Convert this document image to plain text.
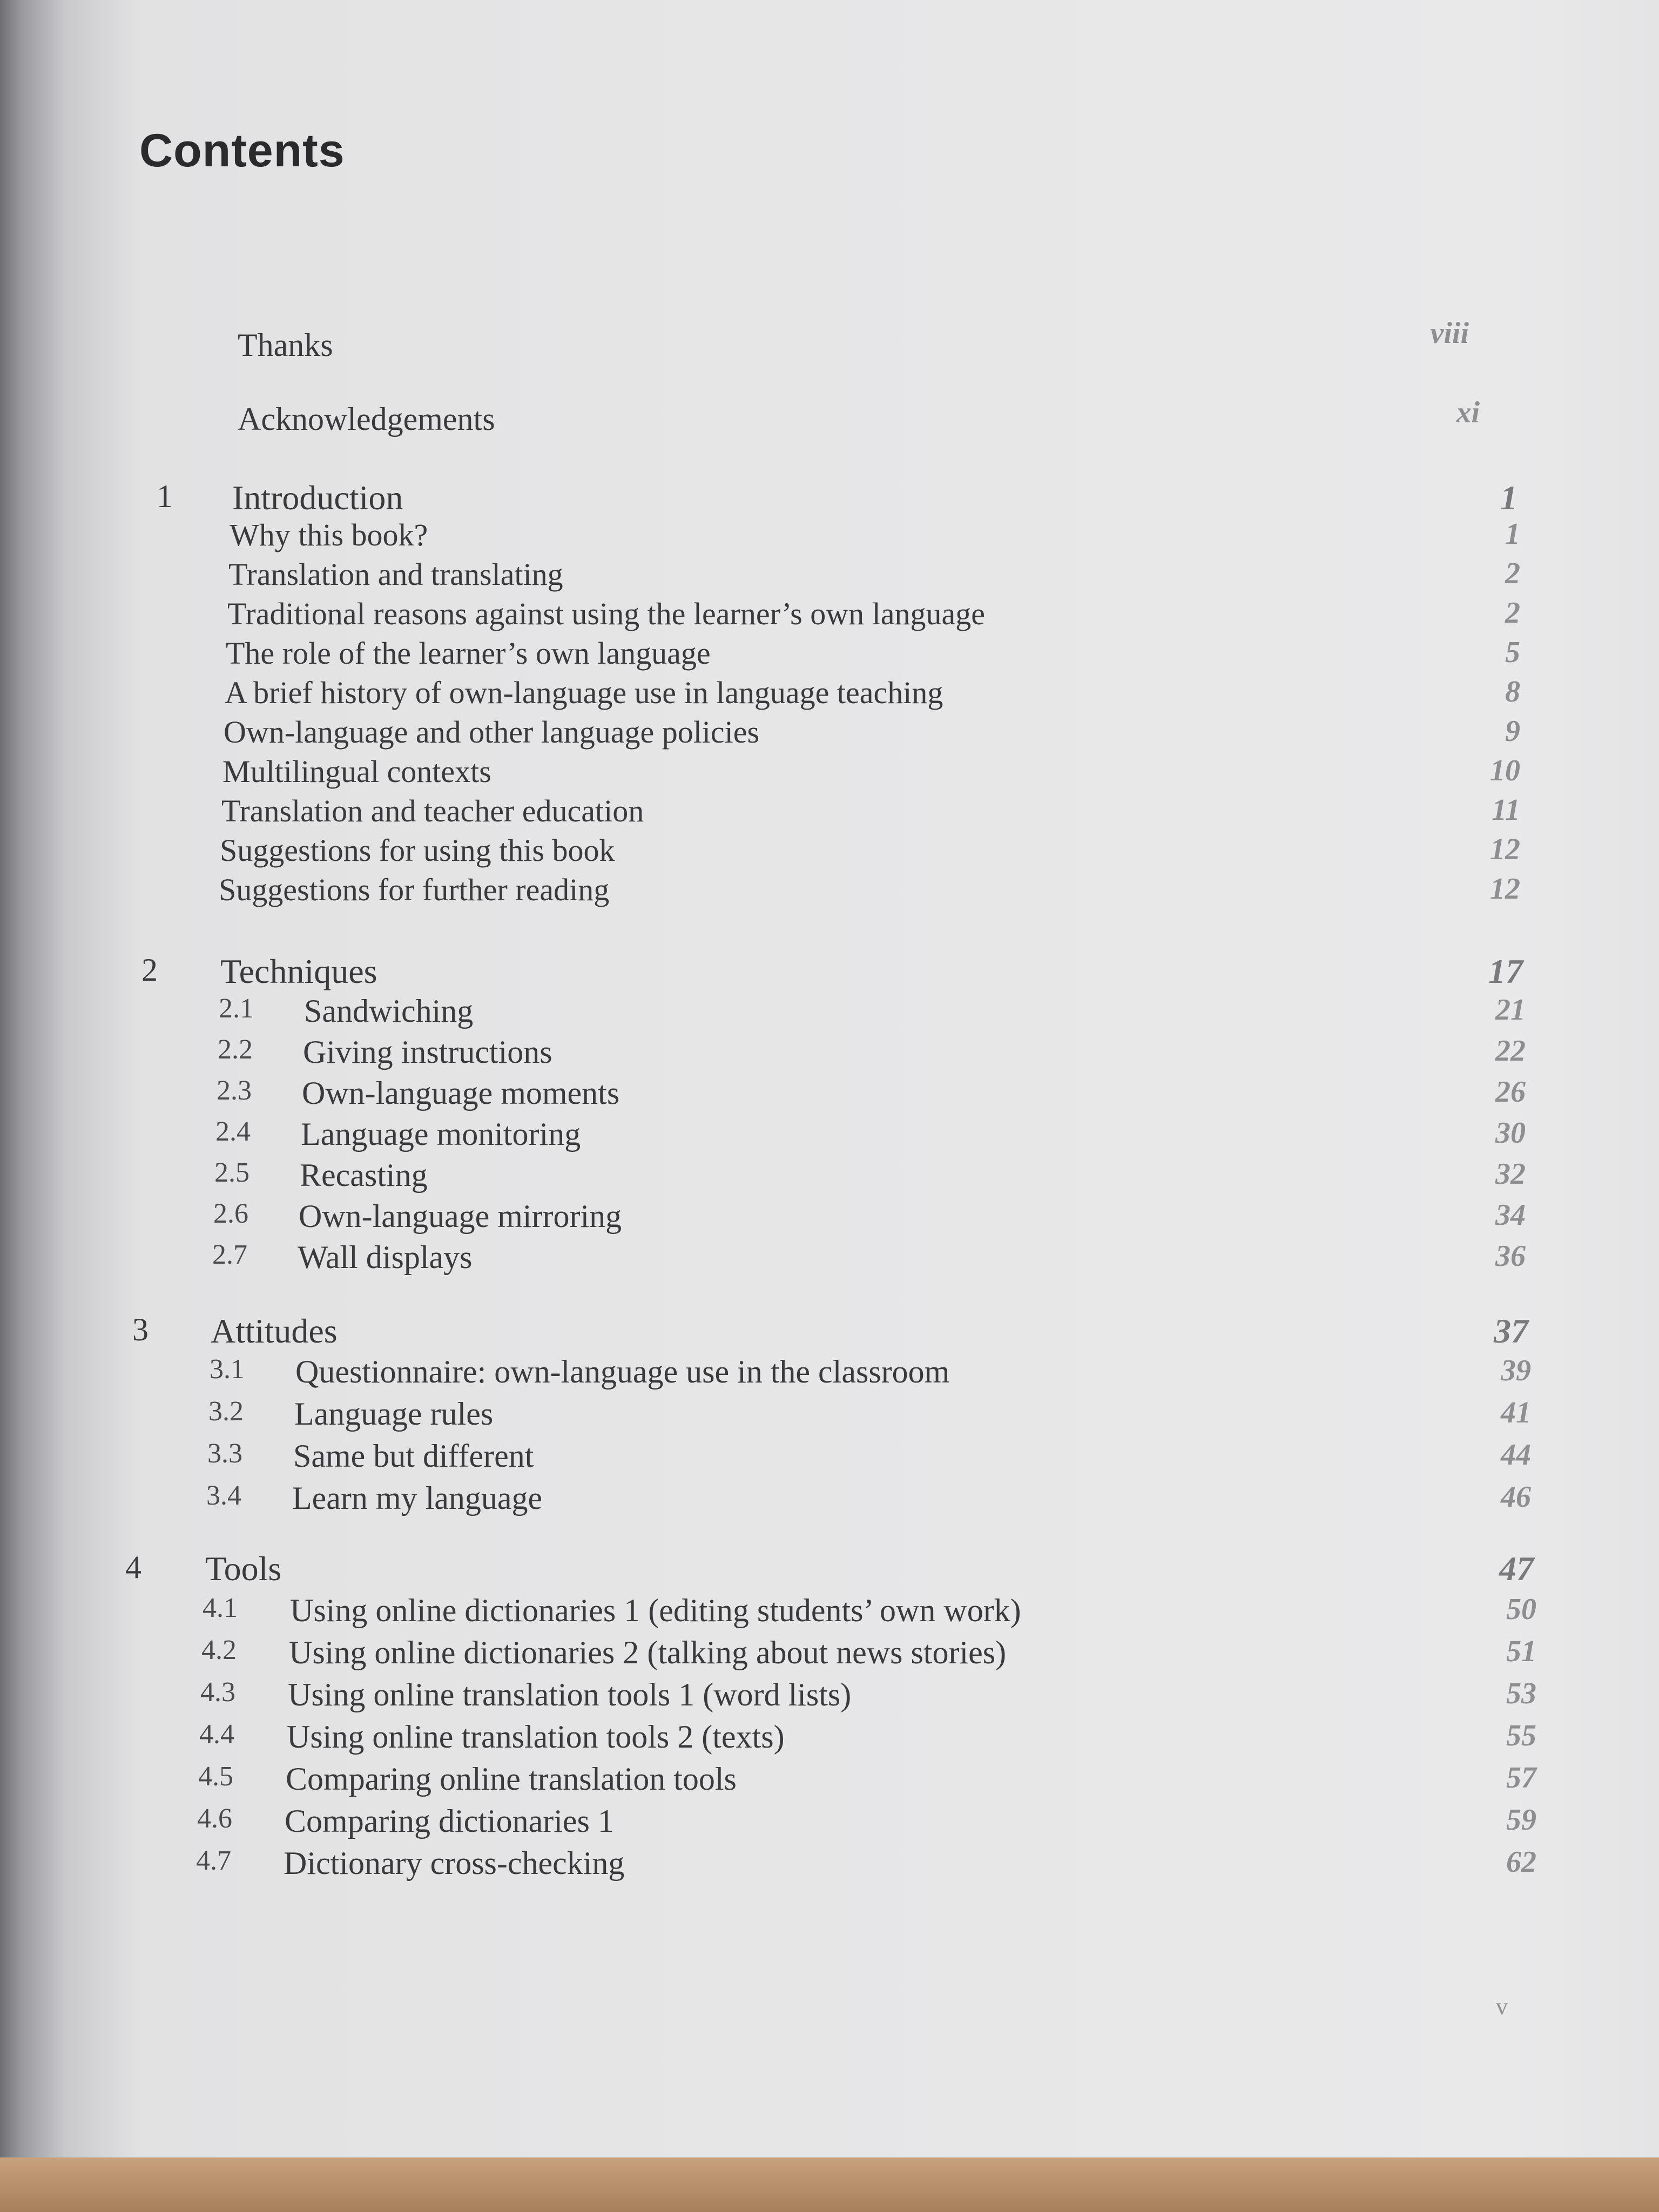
Contents
Thanks	viii
Acknowledgements	xi
1 Introduction	1
Why this book?	1
Translation and translating	2
Traditional reasons against using the learner’s own language	2
The role of the learner’s own language	5
A brief history of own-language use in language teaching	8
Own-language and other language policies	9
Multilingual contexts	10
Translation and teacher education	11
Suggestions for using this book	12
Suggestions for further reading	12
2 Techniques	17
2.1 Sandwiching	21
2.2 Giving instructions	22
2.3 Own-language moments	26
2.4 Language monitoring	30
2.5 Recasting	32
2.6 Own-language mirroring	34
2.7 Wall displays	36
3 Attitudes	37
3.1 Questionnaire: own-language use in the classroom	39
3.2 Language rules	41
3.3 Same but different	44
3.4 Learn my language	46
4 Tools	47
4.1 Using online dictionaries 1 (editing students’ own work)	50
4.2 Using online dictionaries 2 (talking about news stories)	51
4.3 Using online translation tools 1 (word lists)	53
4.4 Using online translation tools 2 (texts)	55
4.5 Comparing online translation tools	57
4.6 Comparing dictionaries 1	59
4.7 Dictionary cross-checking	62
v
